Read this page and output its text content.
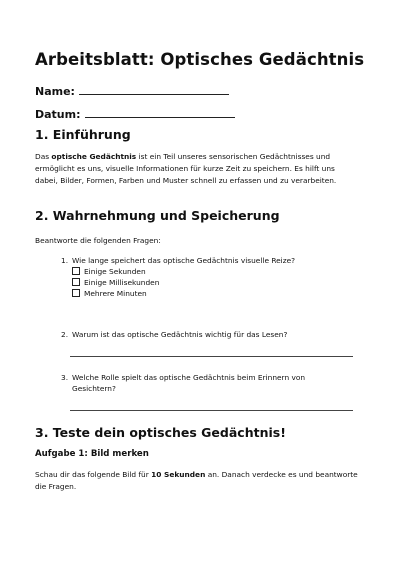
Arbeitsblatt: Optisches Gedächtnis
Name:
Datum:
1. Einführung
Das optische Gedächtnis ist ein Teil unseres sensorischen Gedächtnisses und ermöglicht es uns, visuelle Informationen für kurze Zeit zu speichern. Es hilft uns dabei, Bilder, Formen, Farben und Muster schnell zu erfassen und zu verarbeiten.
2. Wahrnehmung und Speicherung
Beantworte die folgenden Fragen:
1. Wie lange speichert das optische Gedächtnis visuelle Reize?
Einige Sekunden
Einige Millisekunden
Mehrere Minuten
2. Warum ist das optische Gedächtnis wichtig für das Lesen?
3. Welche Rolle spielt das optische Gedächtnis beim Erinnern von
Gesichtern?
3. Teste dein optisches Gedächtnis!
Aufgabe 1: Bild merken
Schau dir das folgende Bild für 10 Sekunden an. Danach verdecke es und beantworte die Fragen.
